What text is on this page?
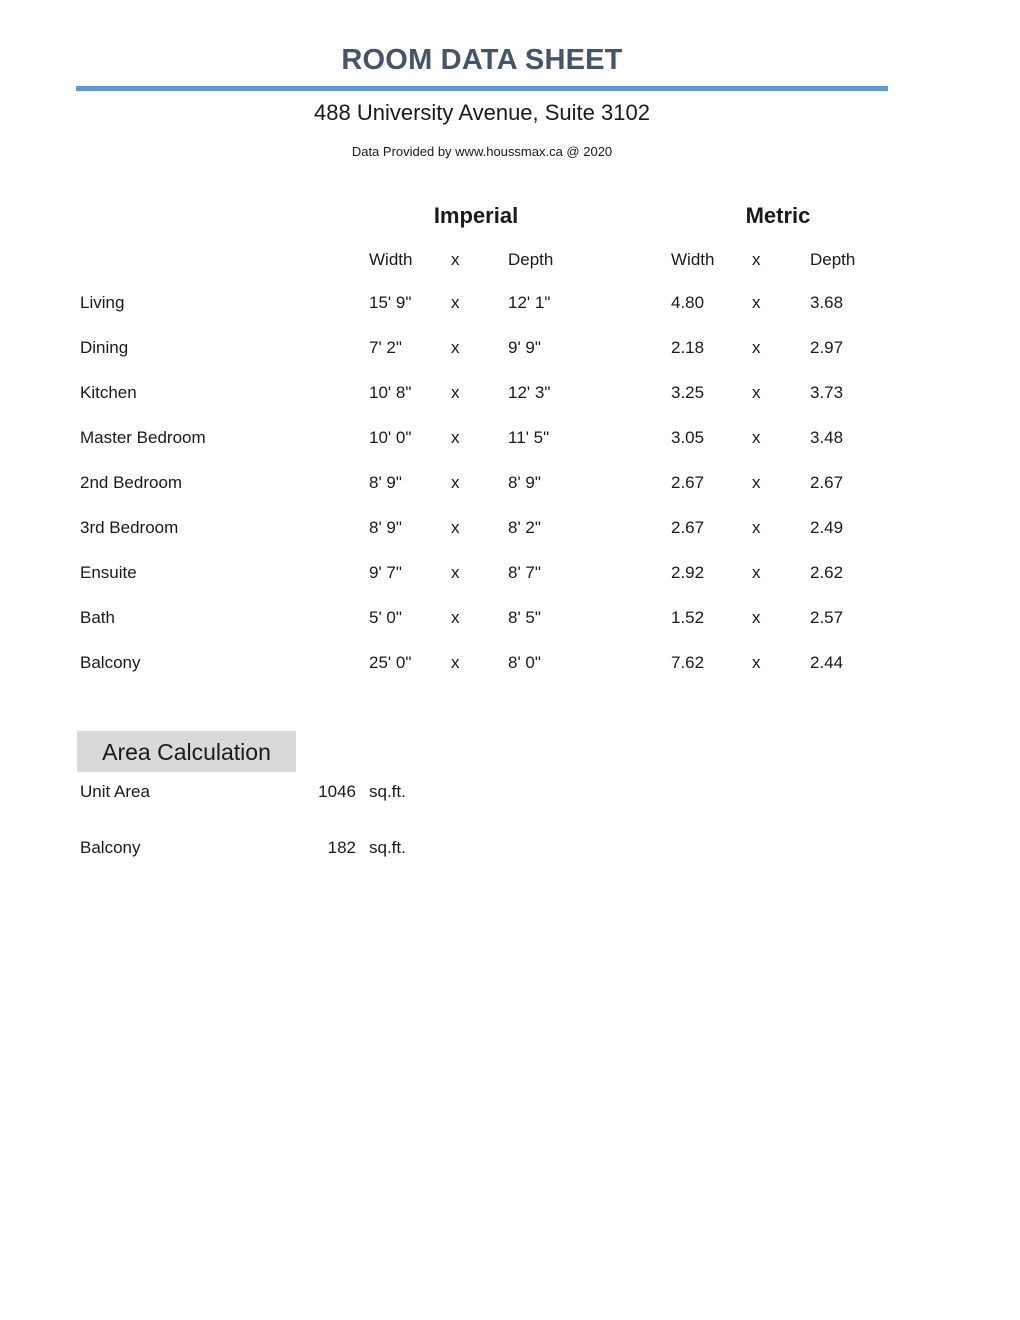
ROOM DATA SHEET
488 University Avenue, Suite 3102
Data Provided by www.houssmax.ca @ 2020
Imperial	Metric
Width x	Depth	Width x	Depth
Living	15' 9" x	12' 1"	4.80	x	3.68
Dining	7' 2"	x	9' 9"	2.18	x	2.97
Kitchen	10' 8" x	12' 3"	3.25	x	3.73
Master Bedroom	10' 0" x	11' 5"	3.05	x	3.48
2nd Bedroom	8' 9"	x	8' 9"	2.67	x	2.67
3rd Bedroom	8' 9"	x	8' 2"	2.67	x	2.49
Ensuite	9' 7"	x	8' 7"	2.92	x	2.62
Bath	5' 0"	x	8' 5"	1.52	x	2.57
Balcony	25' 0" x	8' 0"	7.62	x	2.44
Area Calculation
Unit Area	1046 sq.ft.
Balcony	182 sq.ft.
